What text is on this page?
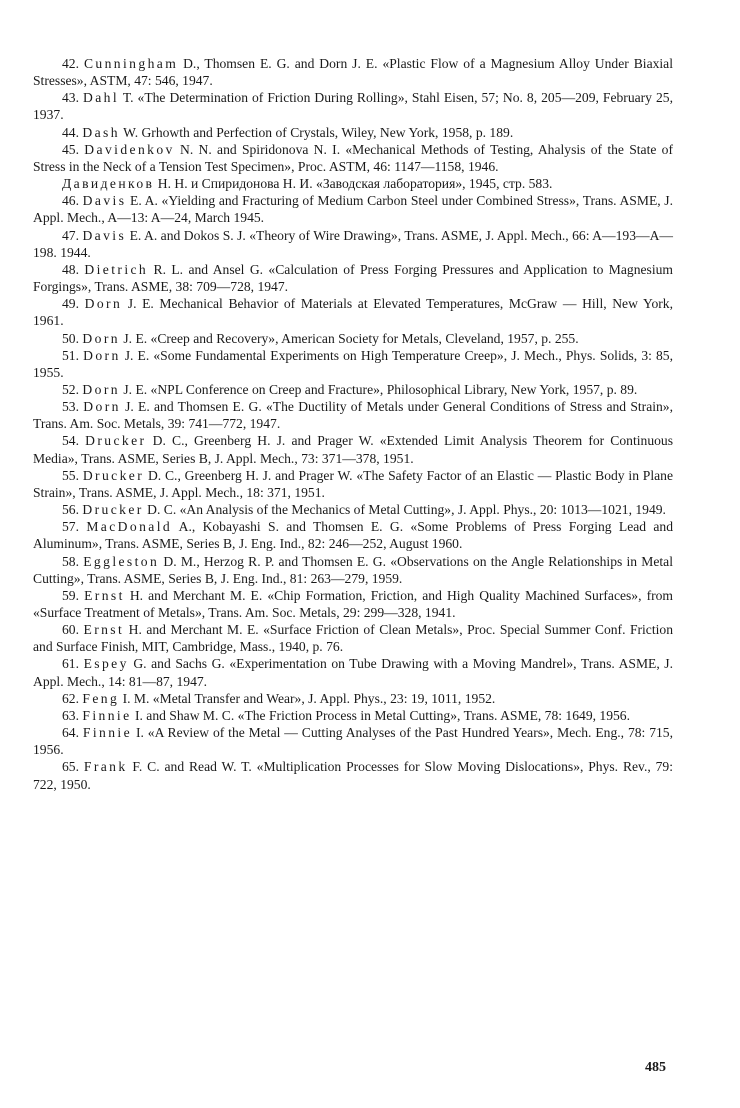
42. Cunningham D., Thomsen E. G. and Dorn J. E. «Plastic Flow of a Magnesium Alloy Under Biaxial Stresses», ASTM, 47: 546, 1947.

43. Dahl T. «The Determination of Friction During Rolling», Stahl Eisen, 57; No. 8, 205—209, February 25, 1937.

44. Dash W. Grhowth and Perfection of Crystals, Wiley, New York, 1958, p. 189.

45. Davidenkov N. N. and Spiridonova N. I. «Mechanical Methods of Testing, Ahalysis of the State of Stress in the Neck of a Tension Test Specimen», Proc. ASTM, 46: 1147—1158, 1946.

Давиденков Н. Н. и Спиридонова Н. И. «Заводская лаборатория», 1945, стр. 583.

46. Davis E. A. «Yielding and Fracturing of Medium Carbon Steel under Combined Stress», Trans. ASME, J. Appl. Mech., A—13: A—24, March 1945.

47. Davis E. A. and Dokos S. J. «Theory of Wire Drawing», Trans. ASME, J. Appl. Mech., 66: A—193—A—198. 1944.

48. Dietrich R. L. and Ansel G. «Calculation of Press Forging Pressures and Application to Magnesium Forgings», Trans. ASME, 38: 709—728, 1947.

49. Dorn J. E. Mechanical Behavior of Materials at Elevated Temperatures, McGraw — Hill, New York, 1961.

50. Dorn J. E. «Creep and Recovery», American Society for Metals, Cleveland, 1957, p. 255.

51. Dorn J. E. «Some Fundamental Experiments on High Temperature Creep», J. Mech., Phys. Solids, 3: 85, 1955.

52. Dorn J. E. «NPL Conference on Creep and Fracture», Philosophical Library, New York, 1957, p. 89.

53. Dorn J. E. and Thomsen E. G. «The Ductility of Metals under General Conditions of Stress and Strain», Trans. Am. Soc. Metals, 39: 741—772, 1947.

54. Drucker D. C., Greenberg H. J. and Prager W. «Extended Limit Analysis Theorem for Continuous Media», Trans. ASME, Series B, J. Appl. Mech., 73: 371—378, 1951.

55. Drucker D. C., Greenberg H. J. and Prager W. «The Safety Factor of an Elastic — Plastic Body in Plane Strain», Trans. ASME, J. Appl. Mech., 18: 371, 1951.

56. Drucker D. C. «An Analysis of the Mechanics of Metal Cutting», J. Appl. Phys., 20: 1013—1021, 1949.

57. MacDonald A., Kobayashi S. and Thomsen E. G. «Some Problems of Press Forging Lead and Aluminum», Trans. ASME, Series B, J. Eng. Ind., 82: 246—252, August 1960.

58. Eggleston D. M., Herzog R. P. and Thomsen E. G. «Observations on the Angle Relationships in Metal Cutting», Trans. ASME, Series B, J. Eng. Ind., 81: 263—279, 1959.

59. Ernst H. and Merchant M. E. «Chip Formation, Friction, and High Quality Machined Surfaces», from «Surface Treatment of Metals», Trans. Am. Soc. Metals, 29: 299—328, 1941.

60. Ernst H. and Merchant M. E. «Surface Friction of Clean Metals», Proc. Special Summer Conf. Friction and Surface Finish, MIT, Cambridge, Mass., 1940, p. 76.

61. Espey G. and Sachs G. «Experimentation on Tube Drawing with a Moving Mandrel», Trans. ASME, J. Appl. Mech., 14: 81—87, 1947.

62. Feng I. M. «Metal Transfer and Wear», J. Appl. Phys., 23: 19, 1011, 1952.

63. Finnie I. and Shaw M. C. «The Friction Process in Metal Cutting», Trans. ASME, 78: 1649, 1956.

64. Finnie I. «A Review of the Metal — Cutting Analyses of the Past Hundred Years», Mech. Eng., 78: 715, 1956.

65. Frank F. C. and Read W. T. «Multiplication Processes for Slow Moving Dislocations», Phys. Rev., 79: 722, 1950.

485
